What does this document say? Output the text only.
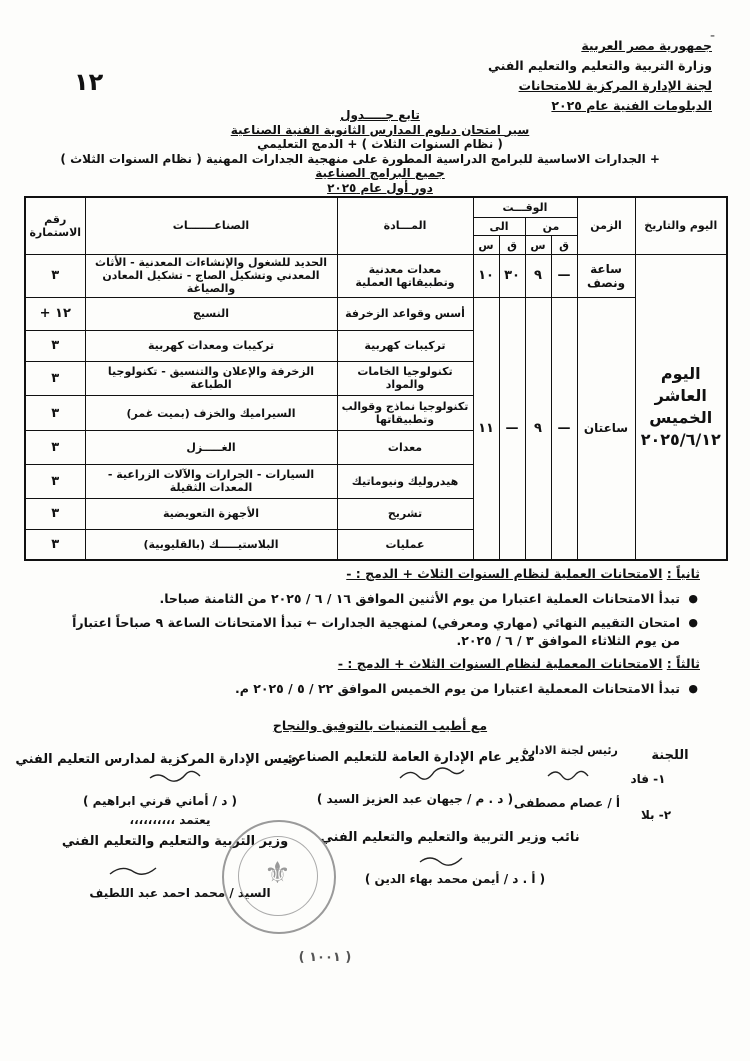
-
١٢
جمهورية مصر العربية
وزارة التربية والتعليم والتعليم الفني
لجنة الإدارة المركزية للامتحانات
الدبلومات الفنية عام ٢٠٢٥
تابع جـــــدول
سير امتحان دبلوم المدارس الثانوية الفنية الصناعية
( نظام السنوات الثلاث ) + الدمج التعليمي
+ الجدارات الاساسية للبرامج الدراسية المطورة على منهجية الجدارات المهنية ( نظام السنوات الثلاث )
جميع البرامج الصناعية
دور أول عام ٢٠٢٥
اليوم والتاريخ	الزمن	الوقـــت				المـــادة	الصناعـــــــات	رقم الاستمارة
		من		الى				
		ق	س	ق	س			

اليوم
العاشر
الخميس
٢٠٢٥/٦/١٢	ساعة ونصف	—	٩	٣٠	١٠	معدات معدنية وتطبيقاتها العملية	الحديد للشغول والإنشاءات المعدنية - الأثاث المعدني وتشكيل الصاج - تشكيل المعادن والصياغة	٣
	ساعتان	—	٩	—	١١	أسس وقواعد الزخرفة	النسيج	١٢ +
						تركيبات كهربية	تركيبات ومعدات كهربية	٣
						تكنولوجيا الخامات والمواد	الزخرفة والإعلان والتنسيق - تكنولوجيا الطباعة	٣
						تكنولوجيا نماذج وقوالب وتطبيقاتها	السيراميك والخزف (بميت غمر)	٣
						معدات	الغـــــزل	٣
						هيدروليك ونيوماتيك	السيارات - الجرارات والآلات الزراعية - المعدات الثقيلة	٣
						تشريح	الأجهزة التعويضية	٣
						عمليات	البلاستيـــــك (بالقليوبية)	٣
ثانياً : الامتحانات العملية لنظام السنوات الثلاث + الدمج : -
● تبدأ الامتحانات العملية اعتبارا من يوم الأثنين الموافق ١٦ / ٦ / ٢٠٢٥ من الثامنة صباحا.
● امتحان التقييم النهائي (مهاري ومعرفي) لمنهجية الجدارات ← تبدأ الامتحانات الساعة ٩ صباحاً اعتباراً
من يوم الثلاثاء الموافق ٣ / ٦ / ٢٠٢٥.
ثالثاً : الامتحانات المعملية لنظام السنوات الثلاث + الدمج : -
● تبدأ الامتحانات المعملية اعتبارا من يوم الخميس الموافق ٢٢ / ٥ / ٢٠٢٥ م.
مع أطيب التمنيات بالتوفيق والنجاح
اللجنة
١- فاد
٢- بلا
رئيس لجنة الادارة
أ / عصام مصطفى
مدير عام الإدارة العامة للتعليم الصناعي
( د . م / جيهان عبد العزيز السيد )
رئيس الإدارة المركزية لمدارس التعليم الفني
( د / أماني قرني ابراهيم )
يعتمد ،،،،،،،،،،
نائب وزير التربية والتعليم والتعليم الفني
( أ . د / أيمن محمد بهاء الدين )
وزير التربية والتعليم والتعليم الفني
السيد / محمد احمد عبد اللطيف
⚜
( ١٠٠١ )
